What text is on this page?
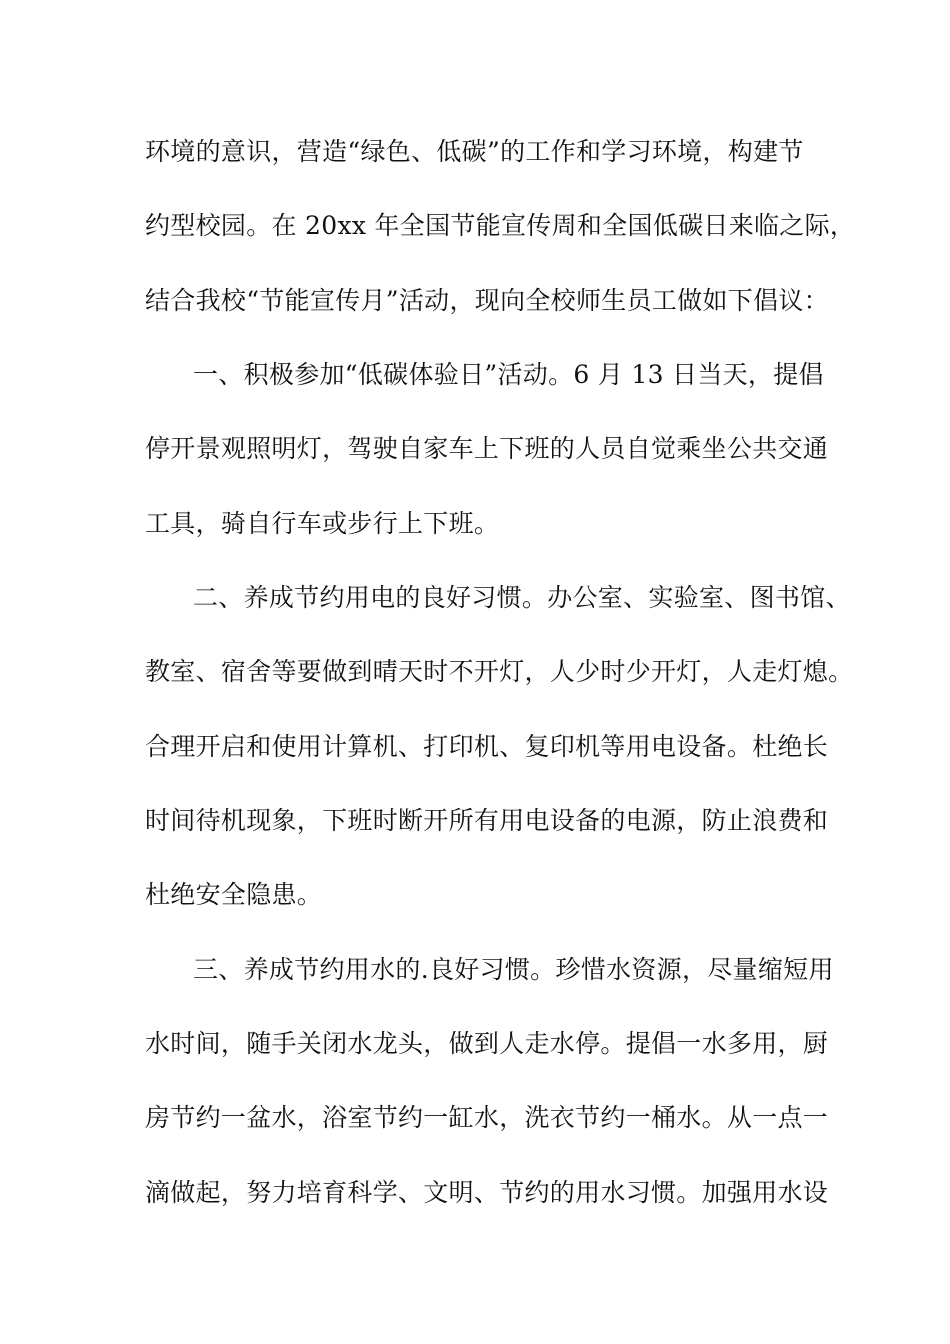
环境的意识，营造“绿色、低碳”的工作和学习环境，构建节
约型校园。在 20xx 年全国节能宣传周和全国低碳日来临之际，
结合我校“节能宣传月”活动，现向全校师生员工做如下倡议：
一、积极参加“低碳体验日”活动。6 月 13 日当天，提倡
停开景观照明灯，驾驶自家车上下班的人员自觉乘坐公共交通
工具，骑自行车或步行上下班。
二、养成节约用电的良好习惯。办公室、实验室、图书馆、
教室、宿舍等要做到晴天时不开灯，人少时少开灯，人走灯熄。
合理开启和使用计算机、打印机、复印机等用电设备。杜绝长
时间待机现象，下班时断开所有用电设备的电源，防止浪费和
杜绝安全隐患。
三、养成节约用水的.良好习惯。珍惜水资源，尽量缩短用
水时间，随手关闭水龙头，做到人走水停。提倡一水多用，厨
房节约一盆水，浴室节约一缸水，洗衣节约一桶水。从一点一
滴做起，努力培育科学、文明、节约的用水习惯。加强用水设
